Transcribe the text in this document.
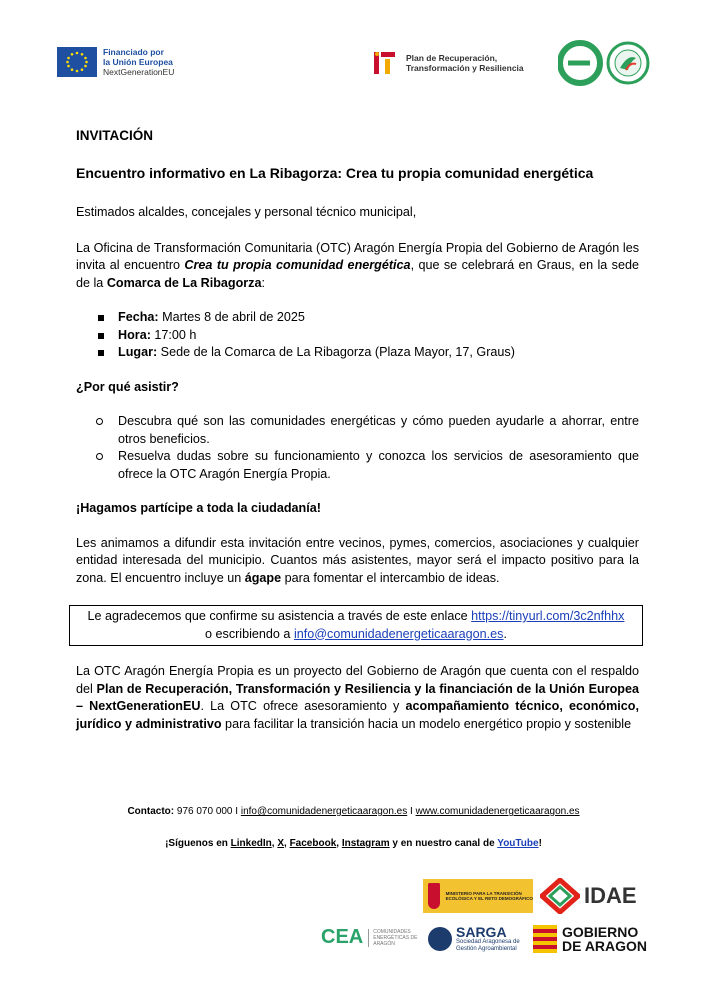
Financiado por
la Unión Europea
NextGenerationEU
Plan de Recuperación,
Transformación y Resiliencia

INVITACIÓN

Encuentro informativo en La Ribagorza: Crea tu propia comunidad energética

Estimados alcaldes, concejales y personal técnico municipal,

La Oficina de Transformación Comunitaria (OTC) Aragón Energía Propia del Gobierno de Aragón les invita al encuentro Crea tu propia comunidad energética, que se celebrará en Graus, en la sede de la Comarca de La Ribagorza:

Fecha: Martes 8 de abril de 2025
Hora: 17:00 h
Lugar: Sede de la Comarca de La Ribagorza (Plaza Mayor, 17, Graus)

¿Por qué asistir?

Descubra qué son las comunidades energéticas y cómo pueden ayudarle a ahorrar, entre otros beneficios.
Resuelva dudas sobre su funcionamiento y conozca los servicios de asesoramiento que ofrece la OTC Aragón Energía Propia.

¡Hagamos partícipe a toda la ciudadanía!

Les animamos a difundir esta invitación entre vecinos, pymes, comercios, asociaciones y cualquier entidad interesada del municipio. Cuantos más asistentes, mayor será el impacto positivo para la zona. El encuentro incluye un ágape para fomentar el intercambio de ideas.

Le agradecemos que confirme su asistencia a través de este enlace https://tinyurl.com/3c2nfhhx
o escribiendo a info@comunidadenergeticaaragon.es.

La OTC Aragón Energía Propia es un proyecto del Gobierno de Aragón que cuenta con el respaldo del Plan de Recuperación, Transformación y Resiliencia y la financiación de la Unión Europea – NextGenerationEU. La OTC ofrece asesoramiento y acompañamiento técnico, económico, jurídico y administrativo para facilitar la transición hacia un modelo energético propio y sostenible

Contacto: 976 070 000 I info@comunidadenergeticaaragon.es I www.comunidadenergeticaaragon.es
¡Síguenos en LinkedIn, X, Facebook, Instagram y en nuestro canal de YouTube!
MINISTERIO PARA LA TRANSICIÓN ECOLÓGICA Y EL RETO DEMOGRÁFICO IDAE
CEA	COMUNIDADES ENERGÉTICAS DE ARAGÓN
SARGA
Sociedad Aragonesa de
Gestión Agroambiental
GOBIERNO
DE ARAGON
